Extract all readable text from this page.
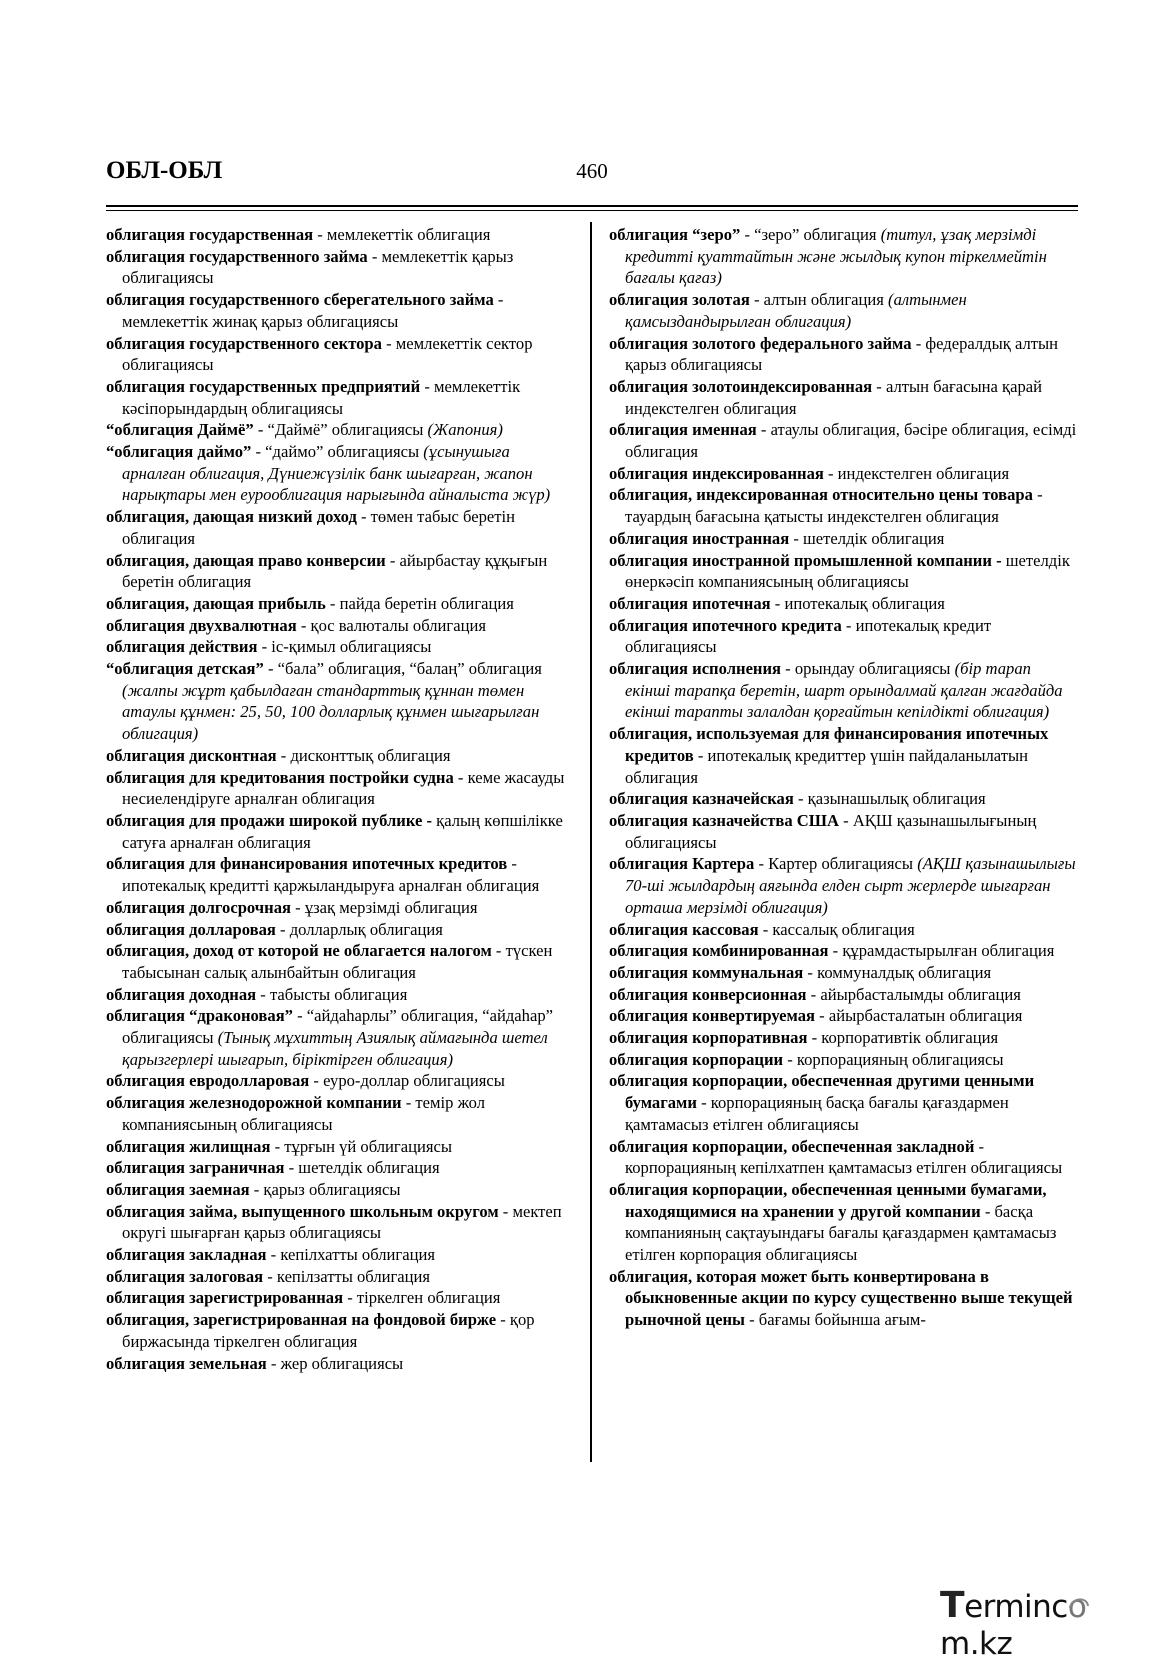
ОБЛ-ОБЛ	460

облигация государственная - мемлекеттік облигация

облигация государственного займа - мемлекеттік қарыз облигациясы

облигация государственного сберегательного займа - мемлекеттік жинақ қарыз облигациясы

облигация государственного сектора - мемлекеттік сектор облигациясы

облигация государственных предприятий - мемлекеттік кәсіпорындардың облигациясы

“облигация Даймё” - “Даймё” облигациясы (Жапония)

“облигация даймо” - “даймо” облигациясы (ұсынушыға арналған облигация, Дүниежүзілік банк шығарған, жапон нарықтары мен еурооблигация нарығында айналыста жүр)

облигация, дающая низкий доход - төмен табыс беретін облигация

облигация, дающая право конверсии - айырбастау құқығын беретін облигация

облигация, дающая прибыль - пайда беретін облигация

облигация двухвалютная - қос валюталы облигация

облигация действия - іс-қимыл облигациясы

“облигация детская” - “бала” облигация, “балаң” облигация (жалпы жұрт қабылдаған стандарттық құннан төмен атаулы құнмен: 25, 50, 100 долларлық құнмен шығарылған облигация)

облигация дисконтная - дисконттық облигация

облигация для кредитования постройки судна - кеме жасауды несиелендіруге арналған облигация

облигация для продажи широкой публике - қалың көпшілікке сатуға арналған облигация

облигация для финансирования ипотечных кредитов - ипотекалық кредитті қаржыландыруға арналған облигация

облигация долгосрочная - ұзақ мерзімді облигация

облигация долларовая - долларлық облигация

облигация, доход от которой не облагается налогом - түскен табысынан салық алынбайтын облигация

облигация доходная - табысты облигация

облигация “драконовая” - “айдаһарлы” облигация, “айдаһар” облигациясы (Тынық мұхиттың Азиялық аймағында шетел қарызгерлері шығарып, біріктірген облигация)

облигация евродолларовая - еуро-доллар облигациясы

облигация железнодорожной компании - темір жол компаниясының облигациясы

облигация жилищная - тұрғын үй облигациясы

облигация заграничная - шетелдік облигация

облигация заемная - қарыз облигациясы

облигация займа, выпущенного школьным округом - мектеп округі шығарған қарыз облигациясы

облигация закладная - кепілхатты облигация

облигация залоговая - кепілзатты облигация

облигация зарегистрированная - тіркелген облигация

облигация, зарегистрированная на фондовой бирже - қор биржасында тіркелген облигация

облигация земельная - жер облигациясы

облигация “зеро” - “зеро” облигация (титул, ұзақ мерзімді кредитті қуаттайтын және жылдық купон тіркелмейтін бағалы қағаз)

облигация золотая - алтын облигация (алтынмен қамсыздандырылған облигация)

облигация золотого федерального займа - федералдық алтын қарыз облигациясы

облигация золотоиндексированная - алтын бағасына қарай индекстелген облигация

облигация именная - атаулы облигация, бәсіре облигация, есімді облигация

облигация индексированная - индекстелген облигация

облигация, индексированная относительно цены товара - тауардың бағасына қатысты индекстелген облигация

облигация иностранная - шетелдік облигация

облигация иностранной промышленной компании - шетелдік өнеркәсіп компаниясының облигациясы

облигация ипотечная - ипотекалық облигация

облигация ипотечного кредита - ипотекалық кредит облигациясы

облигация исполнения - орындау облигациясы (бір тарап екінші тарапқа беретін, шарт орындалмай қалған жағдайда екінші тарапты залалдан қорғайтын кепілдікті облигация)

облигация, используемая для финансирования ипотечных кредитов - ипотекалық кредиттер үшін пайдаланылатын облигация

облигация казначейская - қазынашылық облигация

облигация казначейства США - АҚШ қазынашылығының облигациясы

облигация Картера - Картер облигациясы (АҚШ қазынашылығы 70-ші жылдардың аяғында елден сырт жерлерде шығарған орташа мерзімді облигация)

облигация кассовая - кассалық облигация

облигация комбинированная - құрамдастырылған облигация

облигация коммунальная - коммуналдық облигация

облигация конверсионная - айырбасталымды облигация

облигация конвертируемая - айырбасталатын облигация

облигация корпоративная - корпоративтік облигация

облигация корпорации - корпорацияның облигациясы

облигация корпорации, обеспеченная другими ценными бумагами - корпорацияның басқа бағалы қағаздармен қамтамасыз етілген облигациясы

облигация корпорации, обеспеченная закладной - корпорацияның кепілхатпен қамтамасыз етілген облигациясы

облигация корпорации, обеспеченная ценными бумагами, находящимися на хранении у другой компании - басқа компанияның сақтауындағы бағалы қағаздармен қамтамасыз етілген корпорация облигациясы

облигация, которая может быть конвертирована в обыкновенные акции по курсу существенно выше текущей рыночной цены - бағамы бойынша ағым-

Terminco
m.kz
